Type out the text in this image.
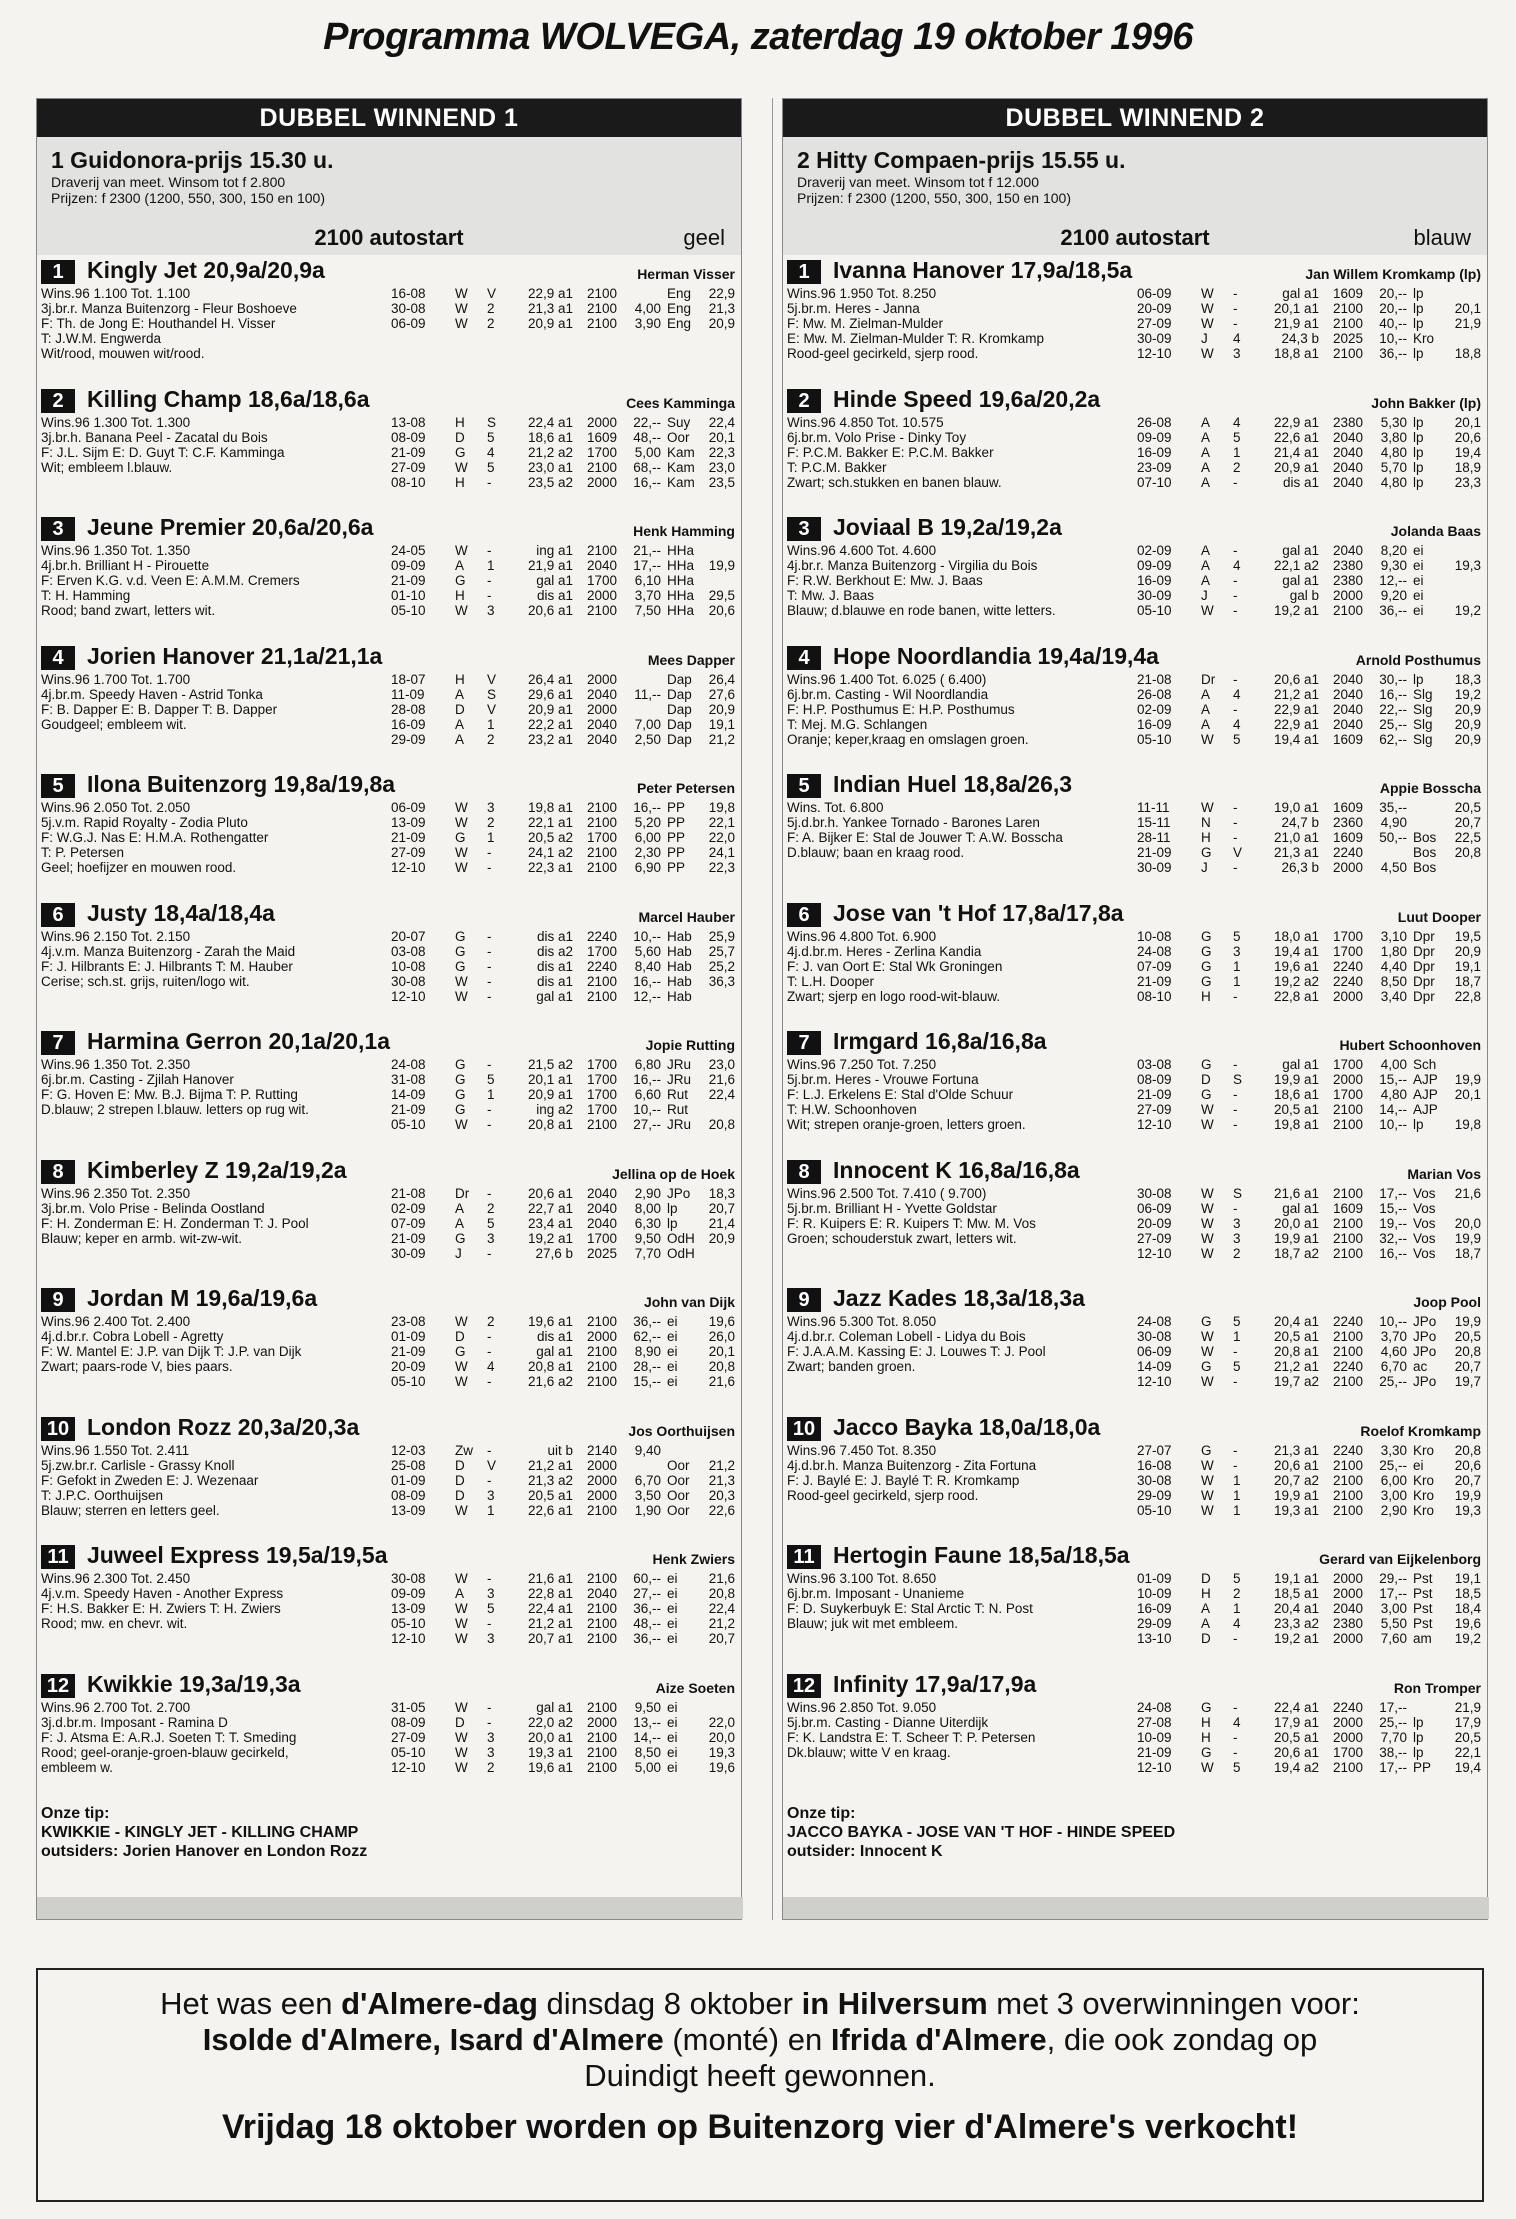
Programma WOLVEGA, zaterdag 19 oktober 1996
DUBBEL WINNEND 1
1 Guidonora-prijs 15.30 u.
Draverij van meet. Winsom tot f 2.800
Prijzen: f 2300 (1200, 550, 300, 150 en 100)
2100 autostart	geel
1	Kingly Jet 20,9a/20,9a	Herman Visser
Wins.96 1.100 Tot. 1.100
3j.br.r. Manza Buitenzorg - Fleur Boshoeve
F: Th. de Jong E: Houthandel H. Visser
T: J.W.M. Engwerda
Wit/rood, mouwen wit/rood.
16-08 W V	22,9 a1 2100	Eng	22,9
30-08 W 2	21,3 a1 2100	4,00 Eng	21,3
06-09 W 2	20,9 a1 2100	3,90 Eng	20,9
2	Killing Champ 18,6a/18,6a	Cees Kamminga
Wins.96 1.300 Tot. 1.300
3j.br.h. Banana Peel - Zacatal du Bois
F: J.L. Sijm E: D. Guyt T: C.F. Kamminga
Wit; embleem l.blauw.
13-08 H S	22,4 a1 2000	22,-- Suy	22,4
08-09 D 5	18,6 a1 1609	48,-- Oor	20,1
21-09 G 4	21,2 a2 1700	5,00 Kam	22,3
27-09 W 5	23,0 a1 2100	68,-- Kam	23,0
08-10 H -	23,5 a2 2000	16,-- Kam	23,5
3	Jeune Premier 20,6a/20,6a	Henk Hamming
Wins.96 1.350 Tot. 1.350
4j.br.h. Brilliant H - Pirouette
F: Erven K.G. v.d. Veen E: A.M.M. Cremers
T: H. Hamming
Rood; band zwart, letters wit.
24-05 W -	ing a1 2100	21,-- HHa
09-09 A 1	21,9 a1 2040	17,-- HHa	19,9
21-09 G -	gal a1 1700	6,10 HHa
01-10 H -	dis a1 2000	3,70 HHa	29,5
05-10 W 3	20,6 a1 2100	7,50 HHa	20,6
4	Jorien Hanover 21,1a/21,1a	Mees Dapper
Wins.96 1.700 Tot. 1.700
4j.br.m. Speedy Haven - Astrid Tonka
F: B. Dapper E: B. Dapper T: B. Dapper
Goudgeel; embleem wit.
18-07 H V	26,4 a1 2000	Dap	26,4
11-09 A S	29,6 a1 2040	11,-- Dap	27,6
28-08 D V	20,9 a1 2000	Dap	20,9
16-09 A 1	22,2 a1 2040	7,00 Dap	19,1
29-09 A 2	23,2 a1 2040	2,50 Dap	21,2
5	Ilona Buitenzorg 19,8a/19,8a	Peter Petersen
Wins.96 2.050 Tot. 2.050
5j.v.m. Rapid Royalty - Zodia Pluto
F: W.G.J. Nas E: H.M.A. Rothengatter
T: P. Petersen
Geel; hoefijzer en mouwen rood.
06-09 W 3	19,8 a1 2100	16,-- PP	19,8
13-09 W 2	22,1 a1 2100	5,20 PP	22,1
21-09 G 1	20,5 a2 1700	6,00 PP	22,0
27-09 W -	24,1 a2 2100	2,30 PP	24,1
12-10 W -	22,3 a1 2100	6,90 PP	22,3
6	Justy 18,4a/18,4a	Marcel Hauber
Wins.96 2.150 Tot. 2.150
4j.v.m. Manza Buitenzorg - Zarah the Maid
F: J. Hilbrants E: J. Hilbrants T: M. Hauber
Cerise; sch.st. grijs, ruiten/logo wit.
20-07 G -	dis a1 2240	10,-- Hab	25,9
03-08 G -	dis a2 1700	5,60 Hab	25,7
10-08 G -	dis a1 2240	8,40 Hab	25,2
30-08 W -	dis a1 2100	16,-- Hab	36,3
12-10 W -	gal a1 2100	12,-- Hab
7	Harmina Gerron 20,1a/20,1a	Jopie Rutting
Wins.96 1.350 Tot. 2.350
6j.br.m. Casting - Zjilah Hanover
F: G. Hoven E: Mw. B.J. Bijma T: P. Rutting
D.blauw; 2 strepen l.blauw. letters op rug wit.
24-08 G -	21,5 a2 1700	6,80 JRu	23,0
31-08 G 5	20,1 a1 1700	16,-- JRu	21,6
14-09 G 1	20,9 a1 1700	6,60 Rut	22,4
21-09 G -	ing a2 1700	10,-- Rut
05-10 W -	20,8 a1 2100	27,-- JRu	20,8
8	Kimberley Z 19,2a/19,2a	Jellina op de Hoek
Wins.96 2.350 Tot. 2.350
3j.br.m. Volo Prise - Belinda Oostland
F: H. Zonderman E: H. Zonderman T: J. Pool
Blauw; keper en armb. wit-zw-wit.
21-08 Dr -	20,6 a1 2040	2,90 JPo	18,3
02-09 A 2	22,7 a1 2040	8,00 lp	20,7
07-09 A 5	23,4 a1 2040	6,30 lp	21,4
21-09 G 3	19,2 a1 1700	9,50 OdH	20,9
30-09 J -	27,6 b 2025	7,70 OdH
9	Jordan M 19,6a/19,6a	John van Dijk
Wins.96 2.400 Tot. 2.400
4j.d.br.r. Cobra Lobell - Agretty
F: W. Mantel E: J.P. van Dijk T: J.P. van Dijk
Zwart; paars-rode V, bies paars.
23-08 W 2	19,6 a1 2100	36,-- ei	19,6
01-09 D -	dis a1 2000	62,-- ei	26,0
21-09 G -	gal a1 2100	8,90 ei	20,1
20-09 W 4	20,8 a1 2100	28,-- ei	20,8
05-10 W -	21,6 a2 2100	15,-- ei	21,6
10 London Rozz 20,3a/20,3a	Jos Oorthuijsen
Wins.96 1.550 Tot. 2.411
5j.zw.br.r. Carlisle - Grassy Knoll
F: Gefokt in Zweden E: J. Wezenaar
T: J.P.C. Oorthuijsen
Blauw; sterren en letters geel.
12-03 Zw -	uit b 2140	9,40
25-08 D V	21,2 a1 2000	Oor	21,2
01-09 D -	21,3 a2 2000	6,70 Oor	21,3
08-09 D 3	20,5 a1 2000	3,50 Oor	20,3
13-09 W 1	22,6 a1 2100	1,90 Oor	22,6
11 Juweel Express 19,5a/19,5a	Henk Zwiers
Wins.96 2.300 Tot. 2.450
4j.v.m. Speedy Haven - Another Express
F: H.S. Bakker E: H. Zwiers T: H. Zwiers
Rood; mw. en chevr. wit.
30-08 W -	21,6 a1 2100	60,-- ei	21,6
09-09 A 3	22,8 a1 2040	27,-- ei	20,8
13-09 W 5	22,4 a1 2100	36,-- ei	22,4
05-10 W -	21,2 a1 2100	48,-- ei	21,2
12-10 W 3	20,7 a1 2100	36,-- ei	20,7
12 Kwikkie 19,3a/19,3a	Aize Soeten
Wins.96 2.700 Tot. 2.700
3j.d.br.m. Imposant - Ramina D
F: J. Atsma E: A.R.J. Soeten T: T. Smeding
Rood; geel-oranje-groen-blauw gecirkeld,
embleem w.
31-05 W -	gal a1 2100	9,50 ei
08-09 D -	22,0 a2 2000	13,-- ei	22,0
27-09 W 3	20,0 a1 2100	14,-- ei	20,0
05-10 W 3	19,3 a1 2100	8,50 ei	19,3
12-10 W 2	19,6 a1 2100	5,00 ei	19,6
Onze tip:
KWIKKIE - KINGLY JET - KILLING CHAMP
outsiders: Jorien Hanover en London Rozz
DUBBEL WINNEND 2
2 Hitty Compaen-prijs 15.55 u.
Draverij van meet. Winsom tot f 12.000
Prijzen: f 2300 (1200, 550, 300, 150 en 100)
2100 autostart	blauw
1	Ivanna Hanover 17,9a/18,5a	Jan Willem Kromkamp (lp)
Wins.96 1.950 Tot. 8.250
5j.br.m. Heres - Janna
F: Mw. M. Zielman-Mulder
E: Mw. M. Zielman-Mulder T: R. Kromkamp
Rood-geel gecirkeld, sjerp rood.
06-09 W -	gal a1 1609	20,-- lp
20-09 W -	20,1 a1 2100	20,-- lp	20,1
27-09 W -	21,9 a1 2100	40,-- lp	21,9
30-09 J 4	24,3 b 2025	10,-- Kro
12-10 W 3	18,8 a1 2100	36,-- lp	18,8
2	Hinde Speed 19,6a/20,2a	John Bakker (lp)
Wins.96 4.850 Tot. 10.575
6j.br.m. Volo Prise - Dinky Toy
F: P.C.M. Bakker E: P.C.M. Bakker
T: P.C.M. Bakker
Zwart; sch.stukken en banen blauw.
26-08 A 4	22,9 a1 2380	5,30 lp	20,1
09-09 A 5	22,6 a1 2040	3,80 lp	20,6
16-09 A 1	21,4 a1 2040	4,80 lp	19,4
23-09 A 2	20,9 a1 2040	5,70 lp	18,9
07-10 A -	dis a1 2040	4,80 lp	23,3
3	Joviaal B 19,2a/19,2a	Jolanda Baas
Wins.96 4.600 Tot. 4.600
4j.br.r. Manza Buitenzorg - Virgilia du Bois
F: R.W. Berkhout E: Mw. J. Baas
T: Mw. J. Baas
Blauw; d.blauwe en rode banen, witte letters.
02-09 A -	gal a1 2040	8,20 ei
09-09 A 4	22,1 a2 2380	9,30 ei	19,3
16-09 A -	gal a1 2380	12,-- ei
30-09 J -	gal b 2000	9,20 ei
05-10 W -	19,2 a1 2100	36,-- ei	19,2
4	Hope Noordlandia 19,4a/19,4a	Arnold Posthumus
Wins.96 1.400 Tot. 6.025 ( 6.400)
6j.br.m. Casting - Wil Noordlandia
F: H.P. Posthumus E: H.P. Posthumus
T: Mej. M.G. Schlangen
Oranje; keper,kraag en omslagen groen.
21-08 Dr -	20,6 a1 2040	30,-- lp	18,3
26-08 A 4	21,2 a1 2040	16,-- Slg	19,2
02-09 A -	22,9 a1 2040	22,-- Slg	20,9
16-09 A 4	22,9 a1 2040	25,-- Slg	20,9
05-10 W 5	19,4 a1 1609	62,-- Slg	20,9
5	Indian Huel 18,8a/26,3	Appie Bosscha
Wins. Tot. 6.800
5j.d.br.h. Yankee Tornado - Barones Laren
F: A. Bijker E: Stal de Jouwer T: A.W. Bosscha
D.blauw; baan en kraag rood.
11-11 W -	19,0 a1 1609	35,--	20,5
15-11 N -	24,7 b 2360	4,90	20,7
28-11 H -	21,0 a1 1609	50,-- Bos	22,5
21-09 G V	21,3 a1 2240	Bos	20,8
30-09 J -	26,3 b 2000	4,50 Bos
6	Jose van 't Hof 17,8a/17,8a	Luut Dooper
Wins.96 4.800 Tot. 6.900
4j.d.br.m. Heres - Zerlina Kandia
F: J. van Oort E: Stal Wk Groningen
T: L.H. Dooper
Zwart; sjerp en logo rood-wit-blauw.
10-08 G 5	18,0 a1 1700	3,10 Dpr	19,5
24-08 G 3	19,4 a1 1700	1,80 Dpr	20,9
07-09 G 1	19,6 a1 2240	4,40 Dpr	19,1
21-09 G 1	19,2 a2 2240	8,50 Dpr	18,7
08-10 H -	22,8 a1 2000	3,40 Dpr	22,8
7	Irmgard 16,8a/16,8a	Hubert Schoonhoven
Wins.96 7.250 Tot. 7.250
5j.br.m. Heres - Vrouwe Fortuna
F: L.J. Erkelens E: Stal d'Olde Schuur
T: H.W. Schoonhoven
Wit; strepen oranje-groen, letters groen.
03-08 G -	gal a1 1700	4,00 Sch
08-09 D S	19,9 a1 2000	15,-- AJP	19,9
21-09 G -	18,6 a1 1700	4,80 AJP	20,1
27-09 W -	20,5 a1 2100	14,-- AJP
12-10 W -	19,8 a1 2100	10,-- lp	19,8
8	Innocent K 16,8a/16,8a	Marian Vos
Wins.96 2.500 Tot. 7.410 ( 9.700)
5j.br.m. Brilliant H - Yvette Goldstar
F: R. Kuipers E: R. Kuipers T: Mw. M. Vos
Groen; schouderstuk zwart, letters wit.
30-08 W S	21,6 a1 2100	17,-- Vos	21,6
06-09 W -	gal a1 1609	15,-- Vos
20-09 W 3	20,0 a1 2100	19,-- Vos	20,0
27-09 W 3	19,9 a1 2100	32,-- Vos	19,9
12-10 W 2	18,7 a2 2100	16,-- Vos	18,7
9	Jazz Kades 18,3a/18,3a	Joop Pool
Wins.96 5.300 Tot. 8.050
4j.d.br.r. Coleman Lobell - Lidya du Bois
F: J.A.A.M. Kassing E: J. Louwes T: J. Pool
Zwart; banden groen.
24-08 G 5	20,4 a1 2240	10,-- JPo	19,9
30-08 W 1	20,5 a1 2100	3,70 JPo	20,5
06-09 W -	20,8 a1 2100	4,60 JPo	20,8
14-09 G 5	21,2 a1 2240	6,70 ac	20,7
12-10 W -	19,7 a2 2100	25,-- JPo	19,7
10 Jacco Bayka 18,0a/18,0a	Roelof Kromkamp
Wins.96 7.450 Tot. 8.350
4j.d.br.h. Manza Buitenzorg - Zita Fortuna
F: J. Baylé E: J. Baylé T: R. Kromkamp
Rood-geel gecirkeld, sjerp rood.
27-07 G -	21,3 a1 2240	3,30 Kro	20,8
16-08 W -	20,6 a1 2100	25,-- ei	20,6
30-08 W 1	20,7 a2 2100	6,00 Kro	20,7
29-09 W 1	19,9 a1 2100	3,00 Kro	19,9
05-10 W 1	19,3 a1 2100	2,90 Kro	19,3
11 Hertogin Faune 18,5a/18,5a	Gerard van Eijkelenborg
Wins.96 3.100 Tot. 8.650
6j.br.m. Imposant - Unanieme
F: D. Suykerbuyk E: Stal Arctic T: N. Post
Blauw; juk wit met embleem.
01-09 D 5	19,1 a1 2000	29,-- Pst	19,1
10-09 H 2	18,5 a1 2000	17,-- Pst	18,5
16-09 A 1	20,4 a1 2040	3,00 Pst	18,4
29-09 A 4	23,3 a2 2380	5,50 Pst	19,6
13-10 D -	19,2 a1 2000	7,60 am	19,2
12 Infinity 17,9a/17,9a	Ron Tromper
Wins.96 2.850 Tot. 9.050
5j.br.m. Casting - Dianne Uiterdijk
F: K. Landstra E: T. Scheer T: P. Petersen
Dk.blauw; witte V en kraag.
24-08 G -	22,4 a1 2240	17,--	21,9
27-08 H 4	17,9 a1 2000	25,-- lp	17,9
10-09 H -	20,5 a1 2000	7,70 lp	20,5
21-09 G -	20,6 a1 1700	38,-- lp	22,1
12-10 W 5	19,4 a2 2100	17,-- PP	19,4
Onze tip:
JACCO BAYKA - JOSE VAN 'T HOF - HINDE SPEED
outsider: Innocent K
Het was een d'Almere-dag dinsdag 8 oktober in Hilversum met 3 overwinningen voor:
Isolde d'Almere, Isard d'Almere (monté) en Ifrida d'Almere, die ook zondag op
Duindigt heeft gewonnen.
Vrijdag 18 oktober worden op Buitenzorg vier d'Almere's verkocht!
